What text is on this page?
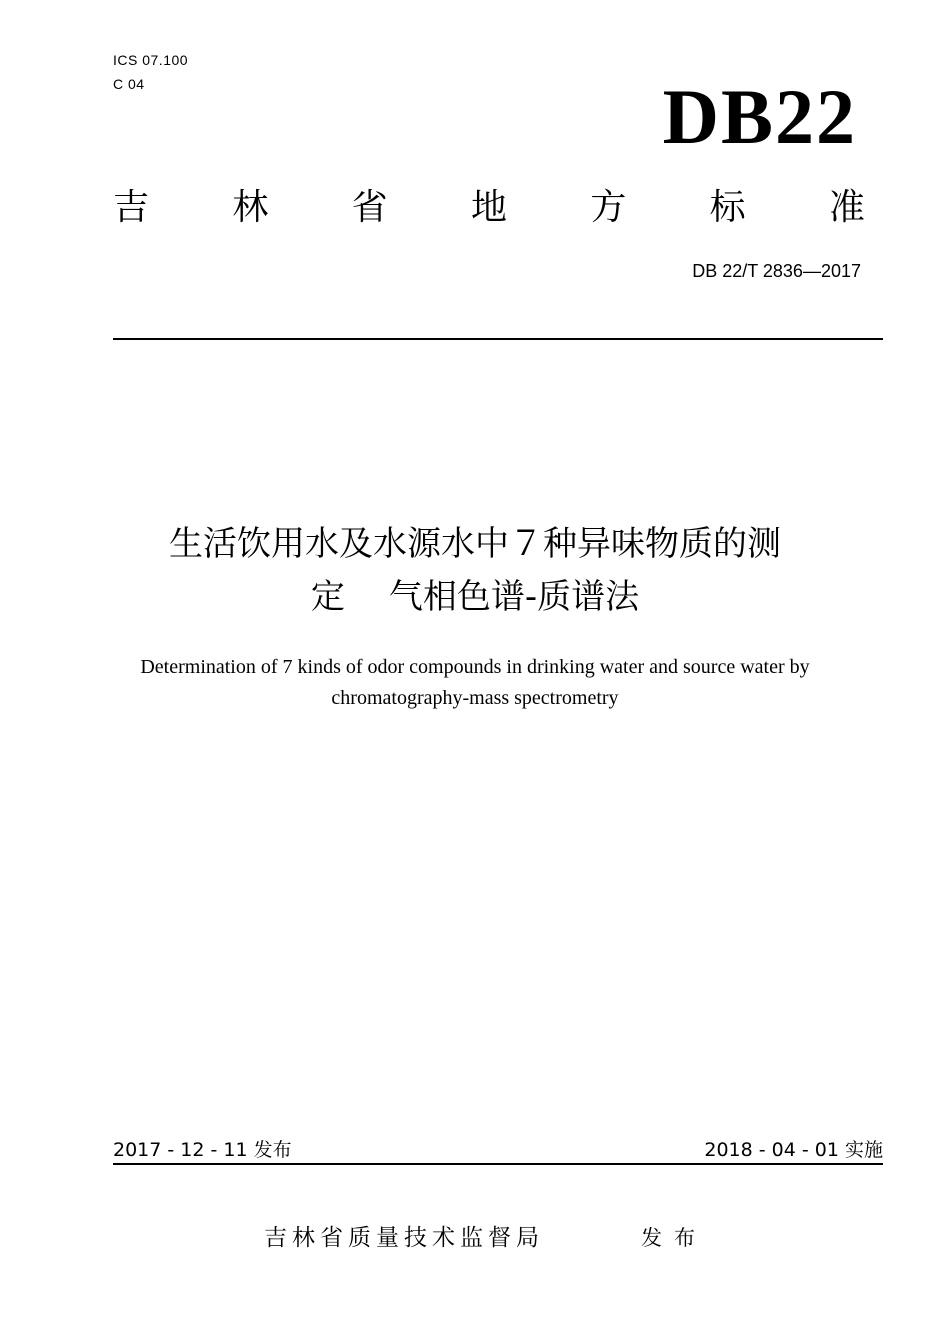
ICS 07.100
C 04	DB22
吉 林 省 地 方 标 准
DB 22/T 2836—2017
生活饮用水及水源水中７种异味物质的测
定 气相色谱-质谱法
Determination of 7 kinds of odor compounds in drinking water and source water by
chromatography-mass spectrometry
2017 - 12 - 11 发布	2018 - 04 - 01 实施
吉林省质量技术监督局	发布
